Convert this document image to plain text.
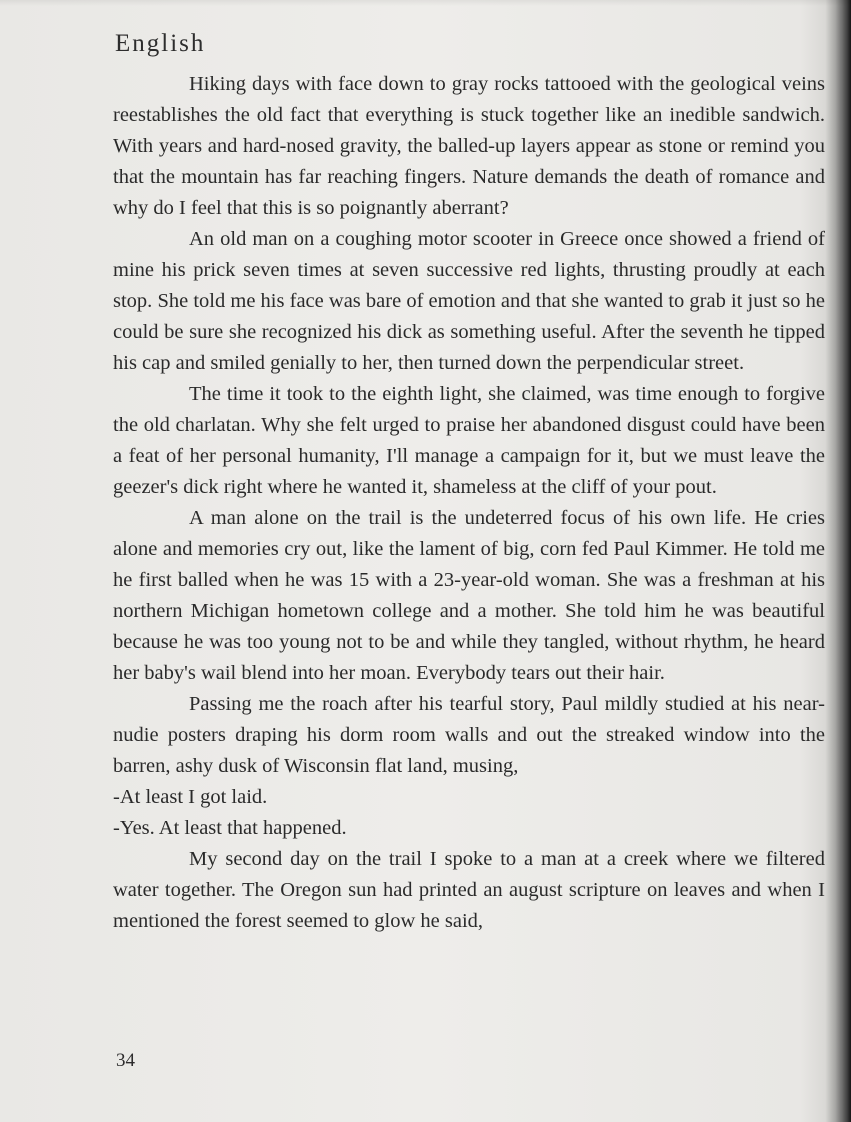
English

Hiking days with face down to gray rocks tattooed with the geological veins reestablishes the old fact that everything is stuck together like an inedible sandwich. With years and hard-nosed gravity, the balled-up layers appear as stone or remind you that the mountain has far reaching fingers. Nature demands the death of romance and why do I feel that this is so poignantly aberrant?

An old man on a coughing motor scooter in Greece once showed a friend of mine his prick seven times at seven successive red lights, thrusting proudly at each stop. She told me his face was bare of emotion and that she wanted to grab it just so he could be sure she recognized his dick as something useful. After the seventh he tipped his cap and smiled genially to her, then turned down the perpendicular street.

The time it took to the eighth light, she claimed, was time enough to forgive the old charlatan. Why she felt urged to praise her abandoned disgust could have been a feat of her personal humanity, I'll manage a campaign for it, but we must leave the geezer's dick right where he wanted it, shameless at the cliff of your pout.

A man alone on the trail is the undeterred focus of his own life. He cries alone and memories cry out, like the lament of big, corn fed Paul Kimmer. He told me he first balled when he was 15 with a 23-year-old woman. She was a freshman at his northern Michigan hometown college and a mother. She told him he was beautiful because he was too young not to be and while they tangled, without rhythm, he heard her baby's wail blend into her moan. Everybody tears out their hair.

Passing me the roach after his tearful story, Paul mildly studied at his near-nudie posters draping his dorm room walls and out the streaked window into the barren, ashy dusk of Wisconsin flat land, musing,

-At least I got laid.

-Yes. At least that happened.

My second day on the trail I spoke to a man at a creek where we filtered water together. The Oregon sun had printed an august scripture on leaves and when I mentioned the forest seemed to glow he said,

34
